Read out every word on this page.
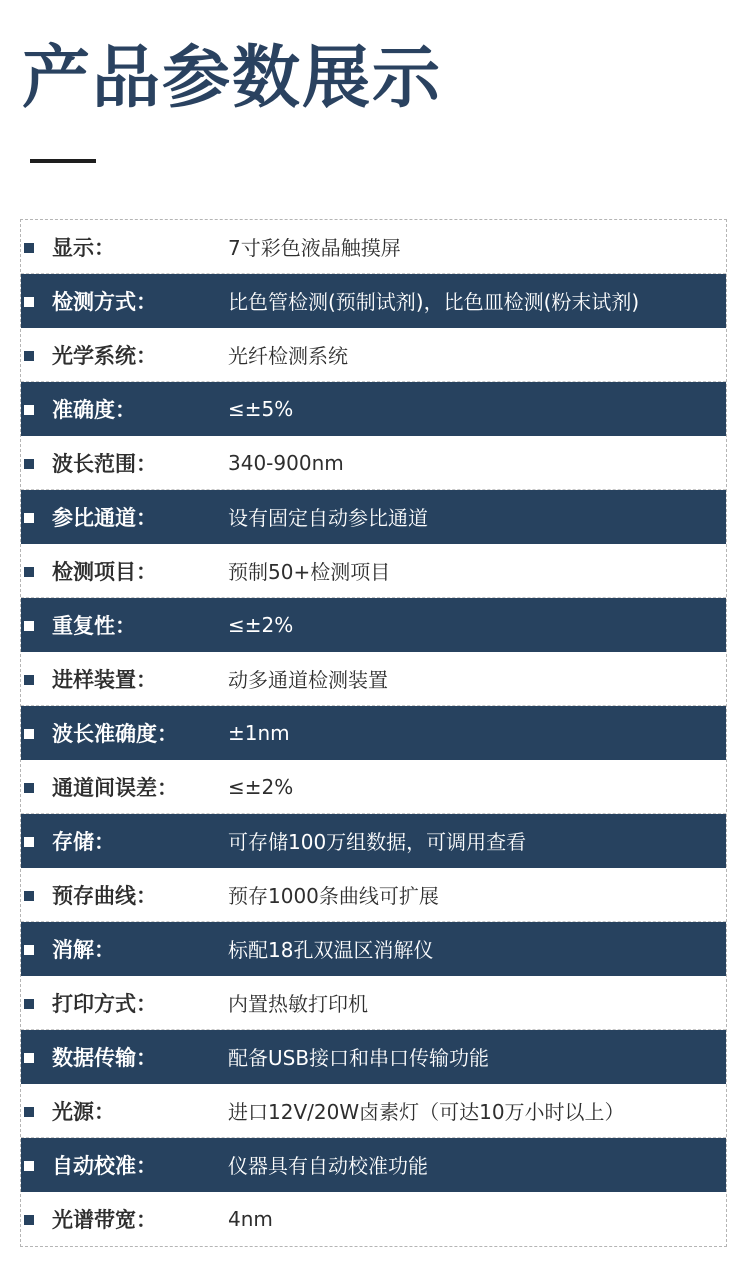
产品参数展示
显示：	7寸彩色液晶触摸屏
检测方式：	比色管检测(预制试剂)，比色皿检测(粉末试剂)
光学系统：	光纤检测系统
准确度：	≤±5%
波长范围：	340-900nm
参比通道：	设有固定自动参比通道
检测项目：	预制50+检测项目
重复性：	≤±2%
进样装置：	动多通道检测装置
波长准确度：	±1nm
通道间误差：	≤±2%
存储：	可存储100万组数据，可调用查看
预存曲线：	预存1000条曲线可扩展
消解：	标配18孔双温区消解仪
打印方式：	内置热敏打印机
数据传输：	配备USB接口和串口传输功能
光源：	进口12V/20W卤素灯（可达10万小时以上）
自动校准：	仪器具有自动校准功能
光谱带宽：	4nm
